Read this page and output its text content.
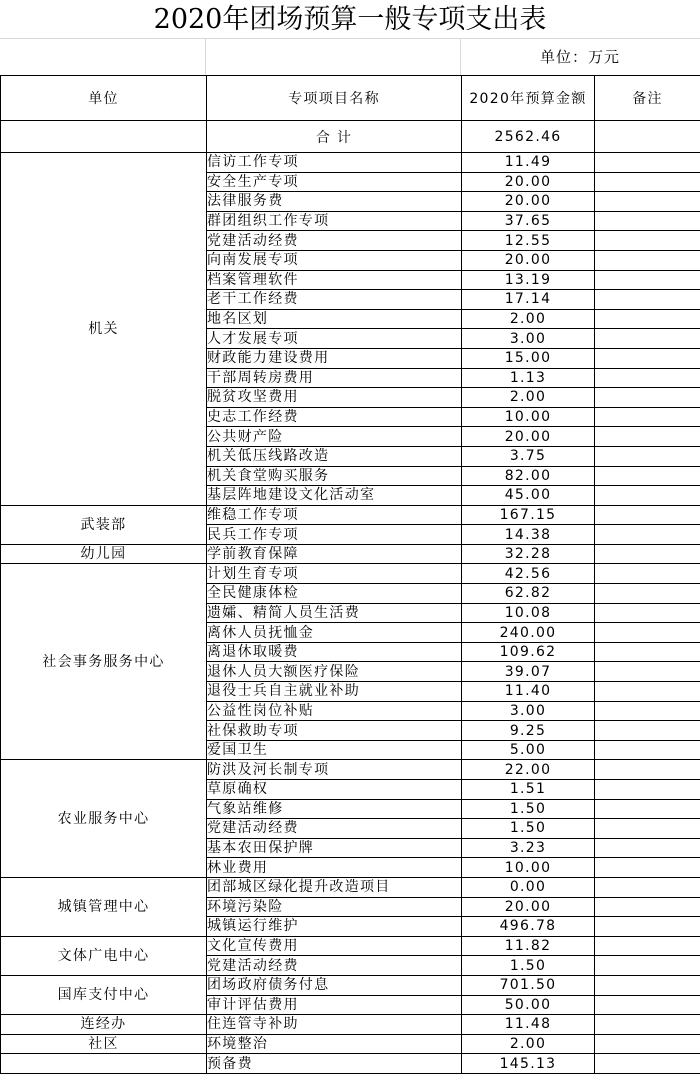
2020年团场预算一般专项支出表
单位：万元
单位	专项项目名称	2020年预算金额	备注
	合 计	2562.46	
机关	信访工作专项	11.49	
	安全生产专项	20.00	
	法律服务费	20.00	
	群团组织工作专项	37.65	
	党建活动经费	12.55	
	向南发展专项	20.00	
	档案管理软件	13.19	
	老干工作经费	17.14	
	地名区划	2.00	
	人才发展专项	3.00	
	财政能力建设费用	15.00	
	干部周转房费用	1.13	
	脱贫攻坚费用	2.00	
	史志工作经费	10.00	
	公共财产险	20.00	
	机关低压线路改造	3.75	
	机关食堂购买服务	82.00	
	基层阵地建设文化活动室	45.00	
武装部	维稳工作专项	167.15	
	民兵工作专项	14.38	
幼儿园	学前教育保障	32.28	
社会事务服务中心	计划生育专项	42.56	
	全民健康体检	62.82	
	遗孀、精简人员生活费	10.08	
	离休人员抚恤金	240.00	
	离退休取暖费	109.62	
	退休人员大额医疗保险	39.07	
	退役士兵自主就业补助	11.40	
	公益性岗位补贴	3.00	
	社保救助专项	9.25	
	爱国卫生	5.00	
农业服务中心	防洪及河长制专项	22.00	
	草原确权	1.51	
	气象站维修	1.50	
	党建活动经费	1.50	
	基本农田保护牌	3.23	
	林业费用	10.00	
城镇管理中心	团部城区绿化提升改造项目	0.00	
	环境污染险	20.00	
	城镇运行维护	496.78	
文体广电中心	文化宣传费用	11.82	
	党建活动经费	1.50	
国库支付中心	团场政府债务付息	701.50	
	审计评估费用	50.00	
连经办	住连管寺补助	11.48	
社区	环境整治	2.00	
	预备费	145.13	
